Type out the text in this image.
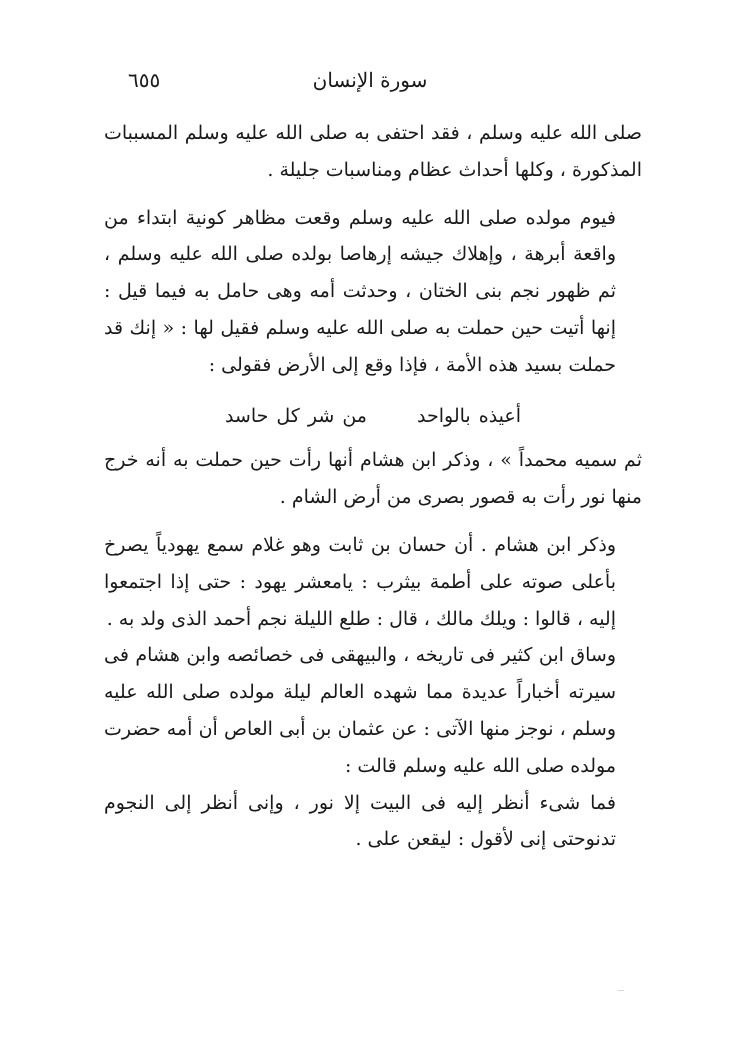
سورة الإنسان
٦٥٥

صلى الله عليه وسلم ، فقد احتفى به صلى الله عليه وسلم المسببات المذكورة ، وكلها أحداث عظام ومناسبات جليلة .

فيوم مولده صلى الله عليه وسلم وقعت مظاهر كونية ابتداء من واقعة أبرهة ، وإهلاك جيشه إرهاصا بولده صلى الله عليه وسلم ، ثم ظهور نجم بنى الختان ، وحدثت أمه وهى حامل به فيما قيل : إنها أتيت حين حملت به صلى الله عليه وسلم فقيل لها : « إنك قد حملت بسيد هذه الأمة ، فإذا وقع إلى الأرض فقولى :

أعيذه بالواحد من شر كل حاسد

ثم سميه محمداً » ، وذكر ابن هشام أنها رأت حين حملت به أنه خرج منها نور رأت به قصور بصرى من أرض الشام .

وذكر ابن هشام . أن حسان بن ثابت وهو غلام سمع يهودياً يصرخ بأعلى صوته على أطمة بيثرب : يامعشر يهود : حتى إذا اجتمعوا إليه ، قالوا : ويلك مالك ، قال : طلع الليلة نجم أحمد الذى ولد به .

وساق ابن كثير فى تاريخه ، والبيهقى فى خصائصه وابن هشام فى سيرته أخباراً عديدة مما شهده العالم ليلة مولده صلى الله عليه وسلم ، نوجز منها الآتى : عن عثمان بن أبى العاص أن أمه حضرت مولده صلى الله عليه وسلم قالت :

فما شىء أنظر إليه فى البيت إلا نور ، وإنى أنظر إلى النجوم تدنوحتى إنى لأقول : ليقعن على .
